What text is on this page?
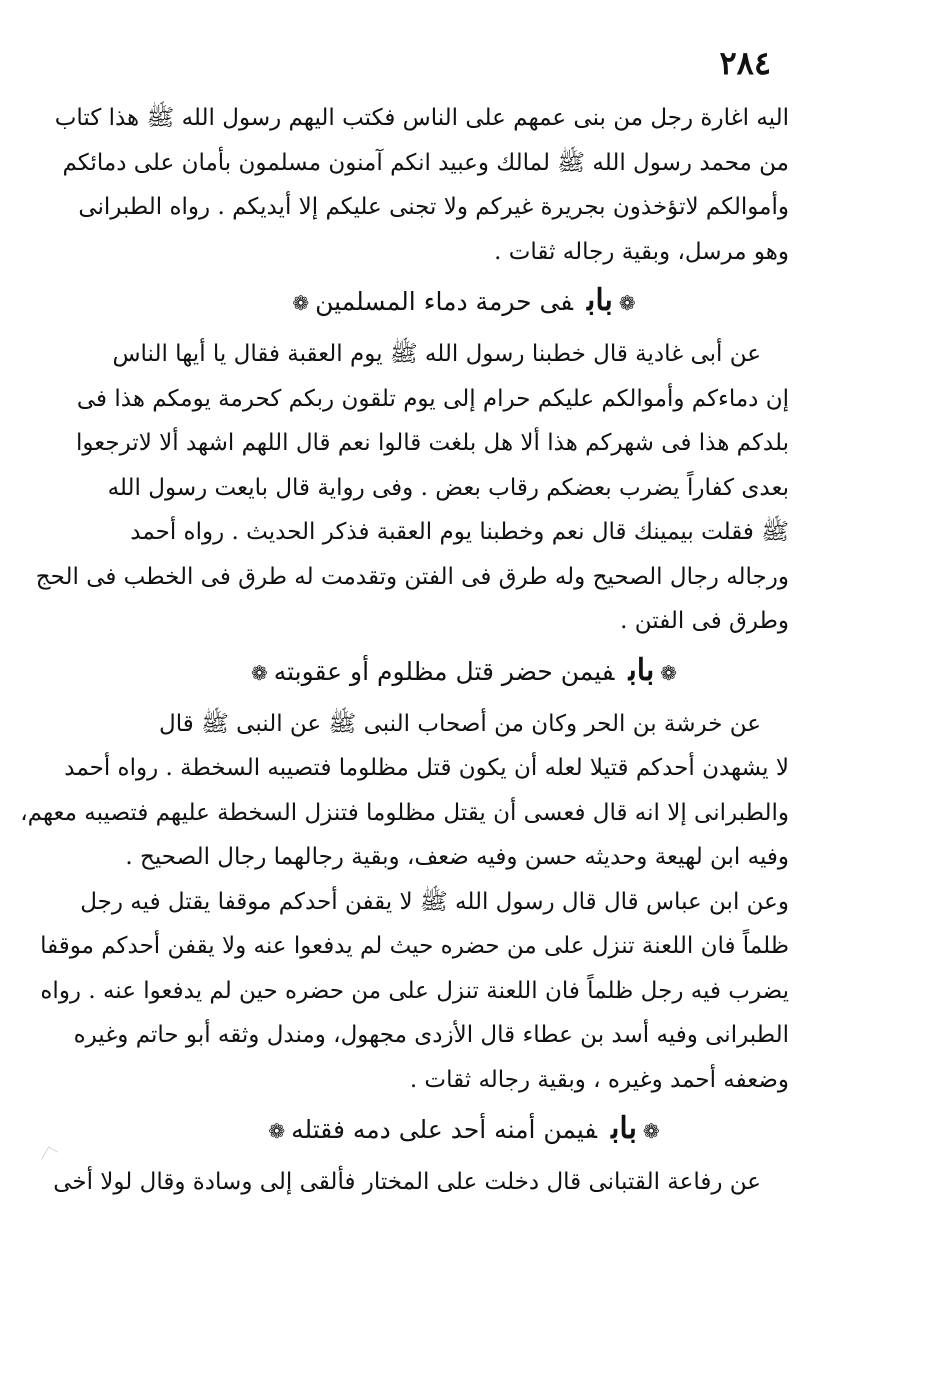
٢٨٤
اليه اغارة رجل من بنى عمهم على الناس فكتب اليهم رسول الله ﷺ هذا كتاب
من محمد رسول الله ﷺ لمالك وعبيد انكم آمنون مسلمون بأمان على دمائكم
وأموالكم لاتؤخذون بجريرة غيركم ولا تجنى عليكم إلا أيديكم . رواه الطبرانى
وهو مرسل، وبقية رجاله ثقات .
❁بابفى حرمة دماء المسلمين❁
عن أبى غادية قال خطبنا رسول الله ﷺ يوم العقبة فقال يا أيها الناس
إن دماءكم وأموالكم عليكم حرام إلى يوم تلقون ربكم كحرمة يومكم هذا فى
بلدكم هذا فى شهركم هذا ألا هل بلغت قالوا نعم قال اللهم اشهد ألا لاترجعوا
بعدى كفاراً يضرب بعضكم رقاب بعض . وفى رواية قال بايعت رسول الله
ﷺ فقلت بيمينك قال نعم وخطبنا يوم العقبة فذكر الحديث . رواه أحمد
ورجاله رجال الصحيح وله طرق فى الفتن وتقدمت له طرق فى الخطب فى الحج
وطرق فى الفتن .
❁بابفيمن حضر قتل مظلوم أو عقوبته❁
عن خرشة بن الحر وكان من أصحاب النبى ﷺ عن النبى ﷺ قال
لا يشهدن أحدكم قتيلا لعله أن يكون قتل مظلوما فتصيبه السخطة . رواه أحمد
والطبرانى إلا انه قال فعسى أن يقتل مظلوما فتنزل السخطة عليهم فتصيبه معهم،
وفيه ابن لهيعة وحديثه حسن وفيه ضعف، وبقية رجالهما رجال الصحيح .
وعن ابن عباس قال قال رسول الله ﷺ لا يقفن أحدكم موقفا يقتل فيه رجل
ظلماً فان اللعنة تنزل على من حضره حيث لم يدفعوا عنه ولا يقفن أحدكم موقفا
يضرب فيه رجل ظلماً فان اللعنة تنزل على من حضره حين لم يدفعوا عنه . رواه
الطبرانى وفيه أسد بن عطاء قال الأزدى مجهول، ومندل وثقه أبو حاتم وغيره
وضعفه أحمد وغيره ، وبقية رجاله ثقات .
❁بابفيمن أمنه أحد على دمه فقتله❁
عن رفاعة القتبانى قال دخلت على المختار فألقى إلى وسادة وقال لولا أخى
